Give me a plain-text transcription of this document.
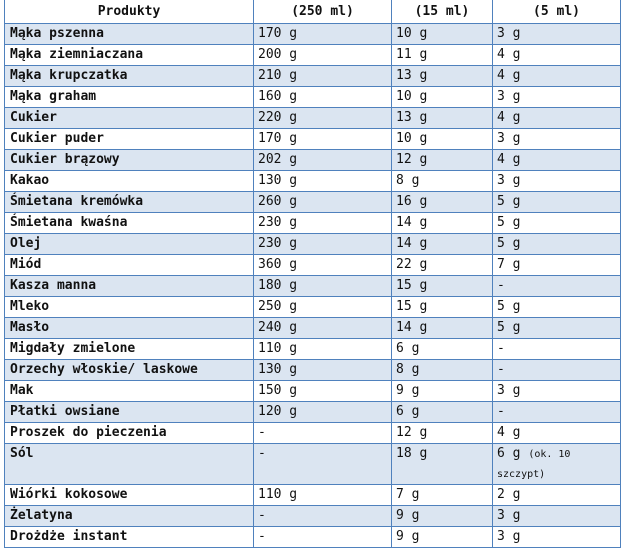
Produkty	(250 ml)	(15 ml)	(5 ml)
Mąka pszenna	170 g	10 g	3 g
Mąka ziemniaczana	200 g	11 g	4 g
Mąka krupczatka	210 g	13 g	4 g
Mąka graham	160 g	10 g	3 g
Cukier	220 g	13 g	4 g
Cukier puder	170 g	10 g	3 g
Cukier brązowy	202 g	12 g	4 g
Kakao	130 g	8 g	3 g
Śmietana kremówka	260 g	16 g	5 g
Śmietana kwaśna	230 g	14 g	5 g
Olej	230 g	14 g	5 g
Miód	360 g	22 g	7 g
Kasza manna	180 g	15 g	-
Mleko	250 g	15 g	5 g
Masło	240 g	14 g	5 g
Migdały zmielone	110 g	6 g	-
Orzechy włoskie/ laskowe	130 g	8 g	-
Mak	150 g	9 g	3 g
Płatki owsiane	120 g	6 g	-
Proszek do pieczenia	-	12 g	4 g
Sól	-	18 g	6 g (ok. 10
szczypt)
Wiórki kokosowe	110 g	7 g	2 g
Żelatyna	-	9 g	3 g
Drożdże instant	-	9 g	3 g
